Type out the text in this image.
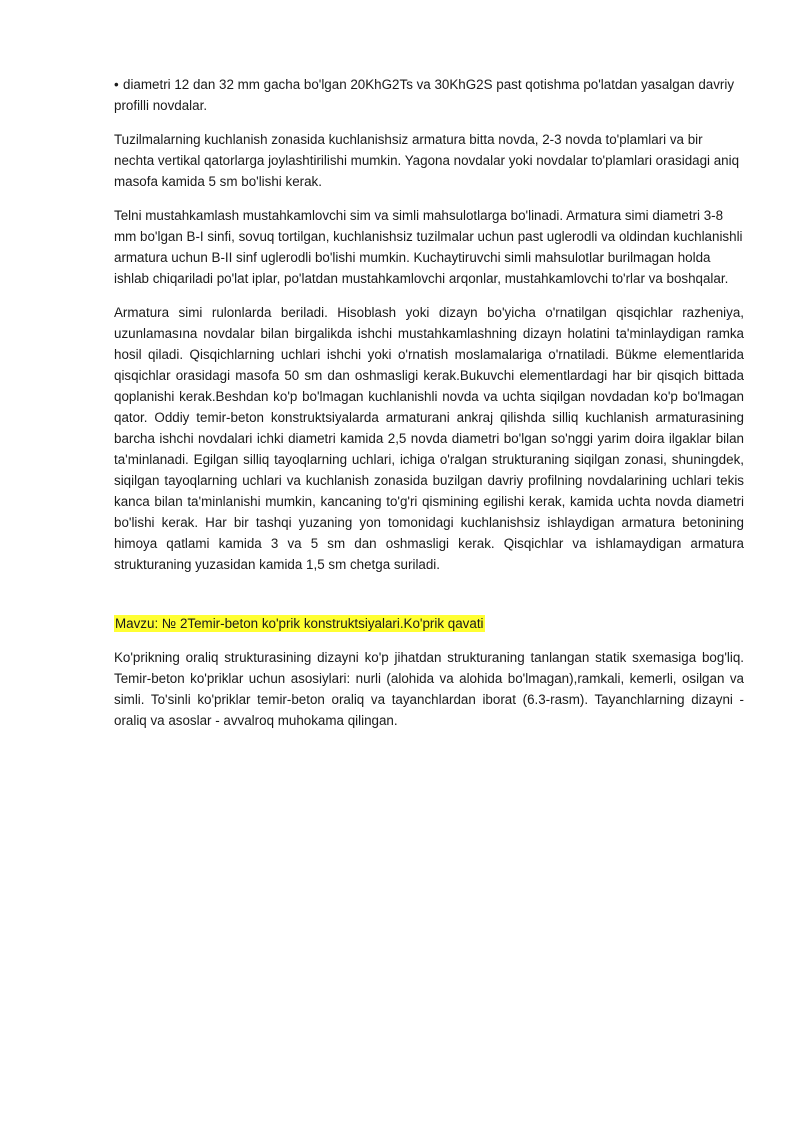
• diametri 12 dan 32 mm gacha bo'lgan 20KhG2Ts va 30KhG2S past qotishma po'latdan yasalgan davriy profilli novdalar.

Tuzilmalarning kuchlanish zonasida kuchlanishsiz armatura bitta novda, 2-3 novda to'plamlari va bir nechta vertikal qatorlarga joylashtirilishi mumkin. Yagona novdalar yoki novdalar to'plamlari orasidagi aniq masofa kamida 5 sm bo'lishi kerak.

Telni mustahkamlash mustahkamlovchi sim va simli mahsulotlarga bo'linadi. Armatura simi diametri 3-8 mm bo'lgan B-I sinfi, sovuq tortilgan, kuchlanishsiz tuzilmalar uchun past uglerodli va oldindan kuchlanishli armatura uchun B-II sinf uglerodli bo'lishi mumkin. Kuchaytiruvchi simli mahsulotlar burilmagan holda ishlab chiqariladi po'lat iplar, po'latdan mustahkamlovchi arqonlar, mustahkamlovchi to'rlar va boshqalar.

Armatura simi rulonlarda beriladi. Hisoblash yoki dizayn bo'yicha o'rnatilgan qisqichlar razheniya, uzunlamasına novdalar bilan birgalikda ishchi mustahkamlashning dizayn holatini ta'minlaydigan ramka hosil qiladi. Qisqichlarning uchlari ishchi yoki o'rnatish moslamalariga o'rnatiladi. Bükme elementlarida qisqichlar orasidagi masofa 50 sm dan oshmasligi kerak.Bukuvchi elementlardagi har bir qisqich bittada qoplanishi kerak.Beshdan ko'p bo'lmagan kuchlanishli novda va uchta siqilgan novdadan ko'p bo'lmagan qator. Oddiy temir-beton konstruktsiyalarda armaturani ankraj qilishda silliq kuchlanish armaturasining barcha ishchi novdalari ichki diametri kamida 2,5 novda diametri bo'lgan so'nggi yarim doira ilgaklar bilan ta'minlanadi. Egilgan silliq tayoqlarning uchlari, ichiga o'ralgan strukturaning siqilgan zonasi, shuningdek, siqilgan tayoqlarning uchlari va kuchlanish zonasida buzilgan davriy profilning novdalarining uchlari tekis kanca bilan ta'minlanishi mumkin, kancaning to'g'ri qismining egilishi kerak, kamida uchta novda diametri bo'lishi kerak. Har bir tashqi yuzaning yon tomonidagi kuchlanishsiz ishlaydigan armatura betonining himoya qatlami kamida 3 va 5 sm dan oshmasligi kerak. Qisqichlar va ishlamaydigan armatura strukturaning yuzasidan kamida 1,5 sm chetga suriladi.

Mavzu: № 2Temir-beton ko'prik konstruktsiyalari.Ko'prik qavati

Ko'prikning oraliq strukturasining dizayni ko'p jihatdan strukturaning tanlangan statik sxemasiga bog'liq. Temir-beton ko'priklar uchun asosiylari: nurli (alohida va alohida bo'lmagan),ramkali, kemerli, osilgan va simli. To'sinli ko'priklar temir-beton oraliq va tayanchlardan iborat (6.3-rasm). Tayanchlarning dizayni - oraliq va asoslar - avvalroq muhokama qilingan.
